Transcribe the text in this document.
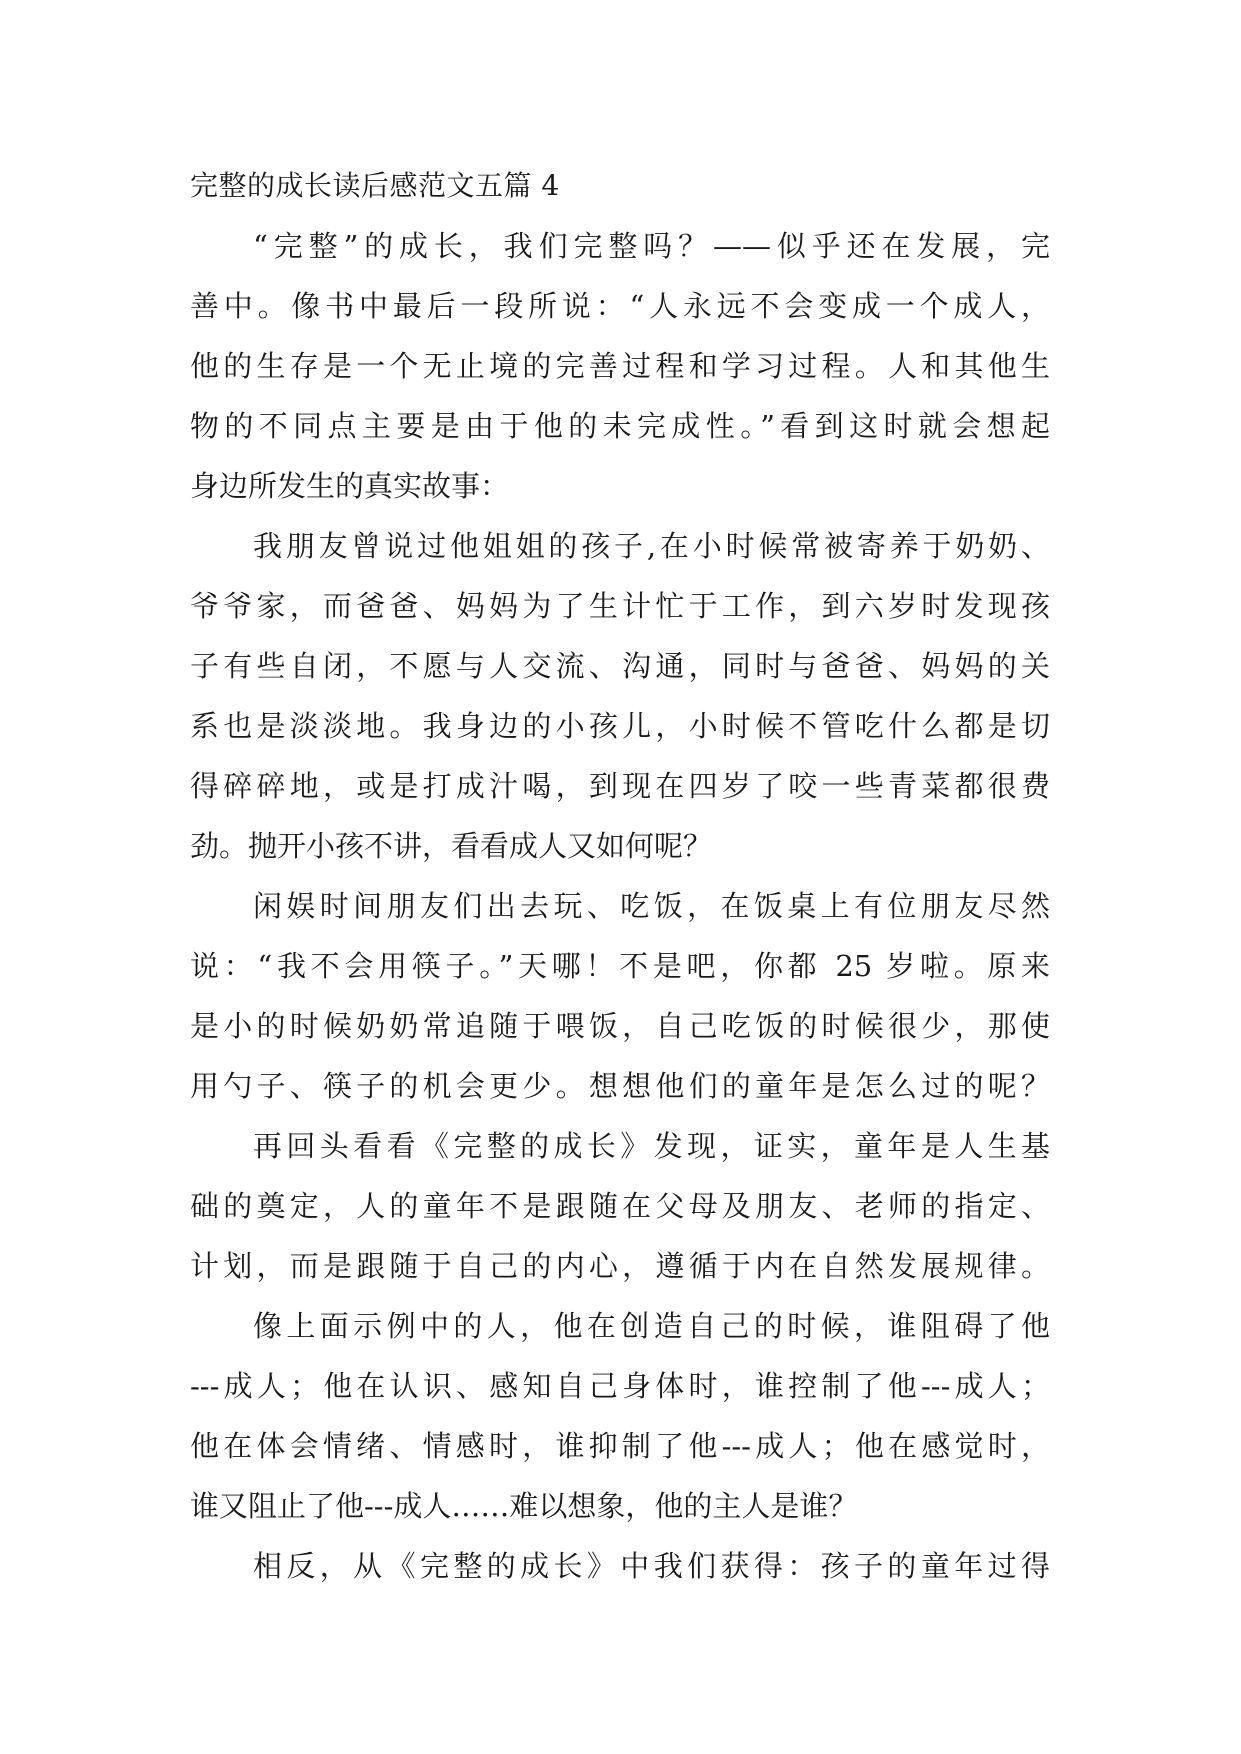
完整的成长读后感范文五篇 4
“完整”的成长，我们完整吗？——似乎还在发展，完
善中。像书中最后一段所说：“人永远不会变成一个成人，
他的生存是一个无止境的完善过程和学习过程。人和其他生
物的不同点主要是由于他的未完成性。”看到这时就会想起
身边所发生的真实故事：
我朋友曾说过他姐姐的孩子,在小时候常被寄养于奶奶、
爷爷家，而爸爸、妈妈为了生计忙于工作，到六岁时发现孩
子有些自闭，不愿与人交流、沟通，同时与爸爸、妈妈的关
系也是淡淡地。我身边的小孩儿，小时候不管吃什么都是切
得碎碎地，或是打成汁喝，到现在四岁了咬一些青菜都很费
劲。抛开小孩不讲，看看成人又如何呢？
闲娱时间朋友们出去玩、吃饭，在饭桌上有位朋友尽然
说：“我不会用筷子。”天哪！不是吧，你都 25 岁啦。原来
是小的时候奶奶常追随于喂饭，自己吃饭的时候很少，那使
用勺子、筷子的机会更少。想想他们的童年是怎么过的呢？
再回头看看《完整的成长》发现，证实，童年是人生基
础的奠定，人的童年不是跟随在父母及朋友、老师的指定、
计划，而是跟随于自己的内心，遵循于内在自然发展规律。
像上面示例中的人，他在创造自己的时候，谁阻碍了他
---成人；他在认识、感知自己身体时，谁控制了他---成人；
他在体会情绪、情感时，谁抑制了他---成人；他在感觉时，
谁又阻止了他---成人……难以想象，他的主人是谁？
相反，从《完整的成长》中我们获得：孩子的童年过得
